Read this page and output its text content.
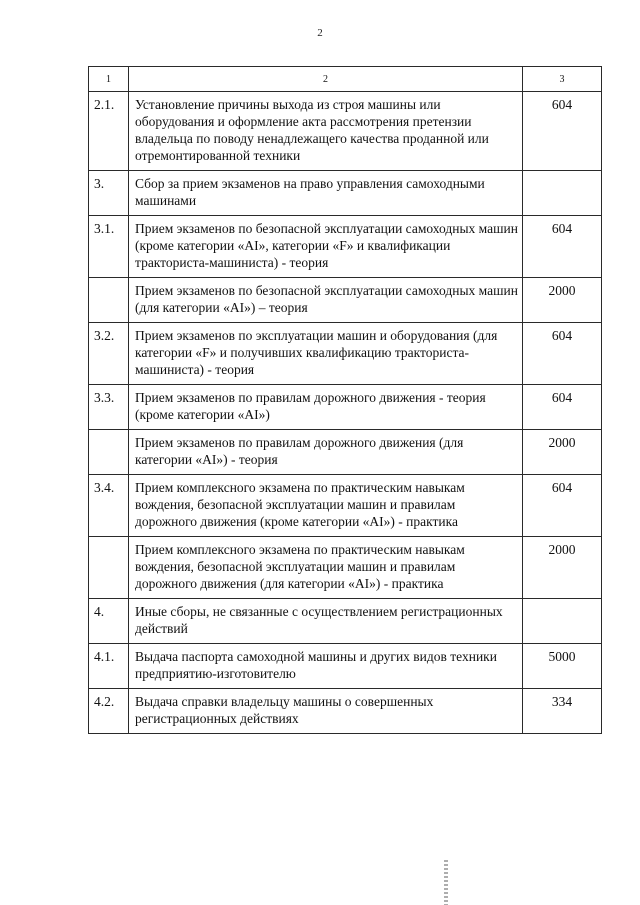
2
1	2	3
2.1.	Установление причины выхода из строя машины или оборудования и оформление акта рассмотрения претензии владельца по поводу ненадлежащего качества проданной или отремонтированной техники	604
3.	Сбор за прием экзаменов на право управления самоходными машинами	
3.1.	Прием экзаменов по безопасной эксплуатации самоходных машин (кроме категории «AI», категории «F» и квалификации тракториста-машиниста) - теория	604
	Прием экзаменов по безопасной эксплуатации самоходных машин (для категории «AI») – теория	2000
3.2.	Прием экзаменов по эксплуатации машин и оборудования (для категории «F» и получивших квалификацию тракториста-машиниста) - теория	604
3.3.	Прием экзаменов по правилам дорожного движения - теория (кроме категории «AI»)	604
	Прием экзаменов по правилам дорожного движения (для категории «AI») - теория	2000
3.4.	Прием комплексного экзамена по практическим навыкам вождения, безопасной эксплуатации машин и правилам дорожного движения (кроме категории «AI») - практика	604
	Прием комплексного экзамена по практическим навыкам вождения, безопасной эксплуатации машин и правилам дорожного движения (для категории «AI») - практика	2000
4.	Иные сборы, не связанные с осуществлением регистрационных действий	
4.1.	Выдача паспорта самоходной машины и других видов техники предприятию-изготовителю	5000
4.2.	Выдача справки владельцу машины о совершенных регистрационных действиях	334
